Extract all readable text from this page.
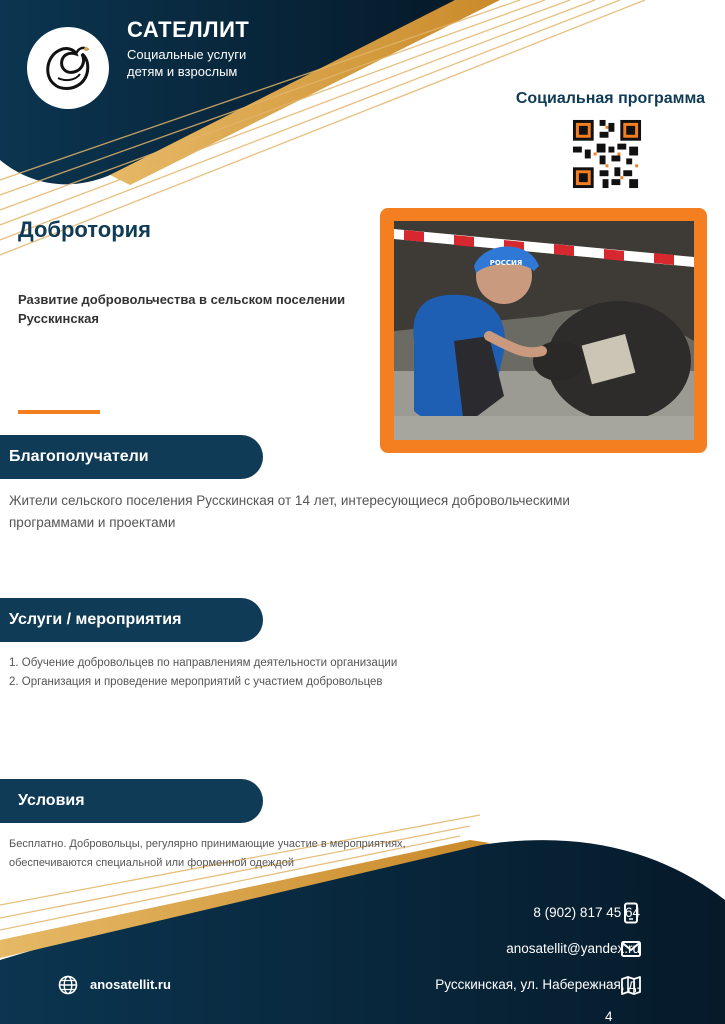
САТЕЛЛИТ
Социальные услуги
детям и взрослым
Социальная программа
Добротория
Развитие добровольчества в сельском поселении Русскинская
РОССИЯ
Благополучатели
Жители сельского поселения Русскинская от 14 лет, интересующиеся добровольческими программами и проектами
Услуги / мероприятия
1. Обучение добровольцев по направлениям деятельности организации
2. Организация и проведение мероприятий с участием добровольцев
Условия
Бесплатно. Добровольцы, регулярно принимающие участие в мероприятиях, обеспечиваются специальной или форменной одеждой
8 (902) 817 45 64
anosatellit@yandex.ru
Русскинская, ул. Набережная, д.
4
anosatellit.ru
